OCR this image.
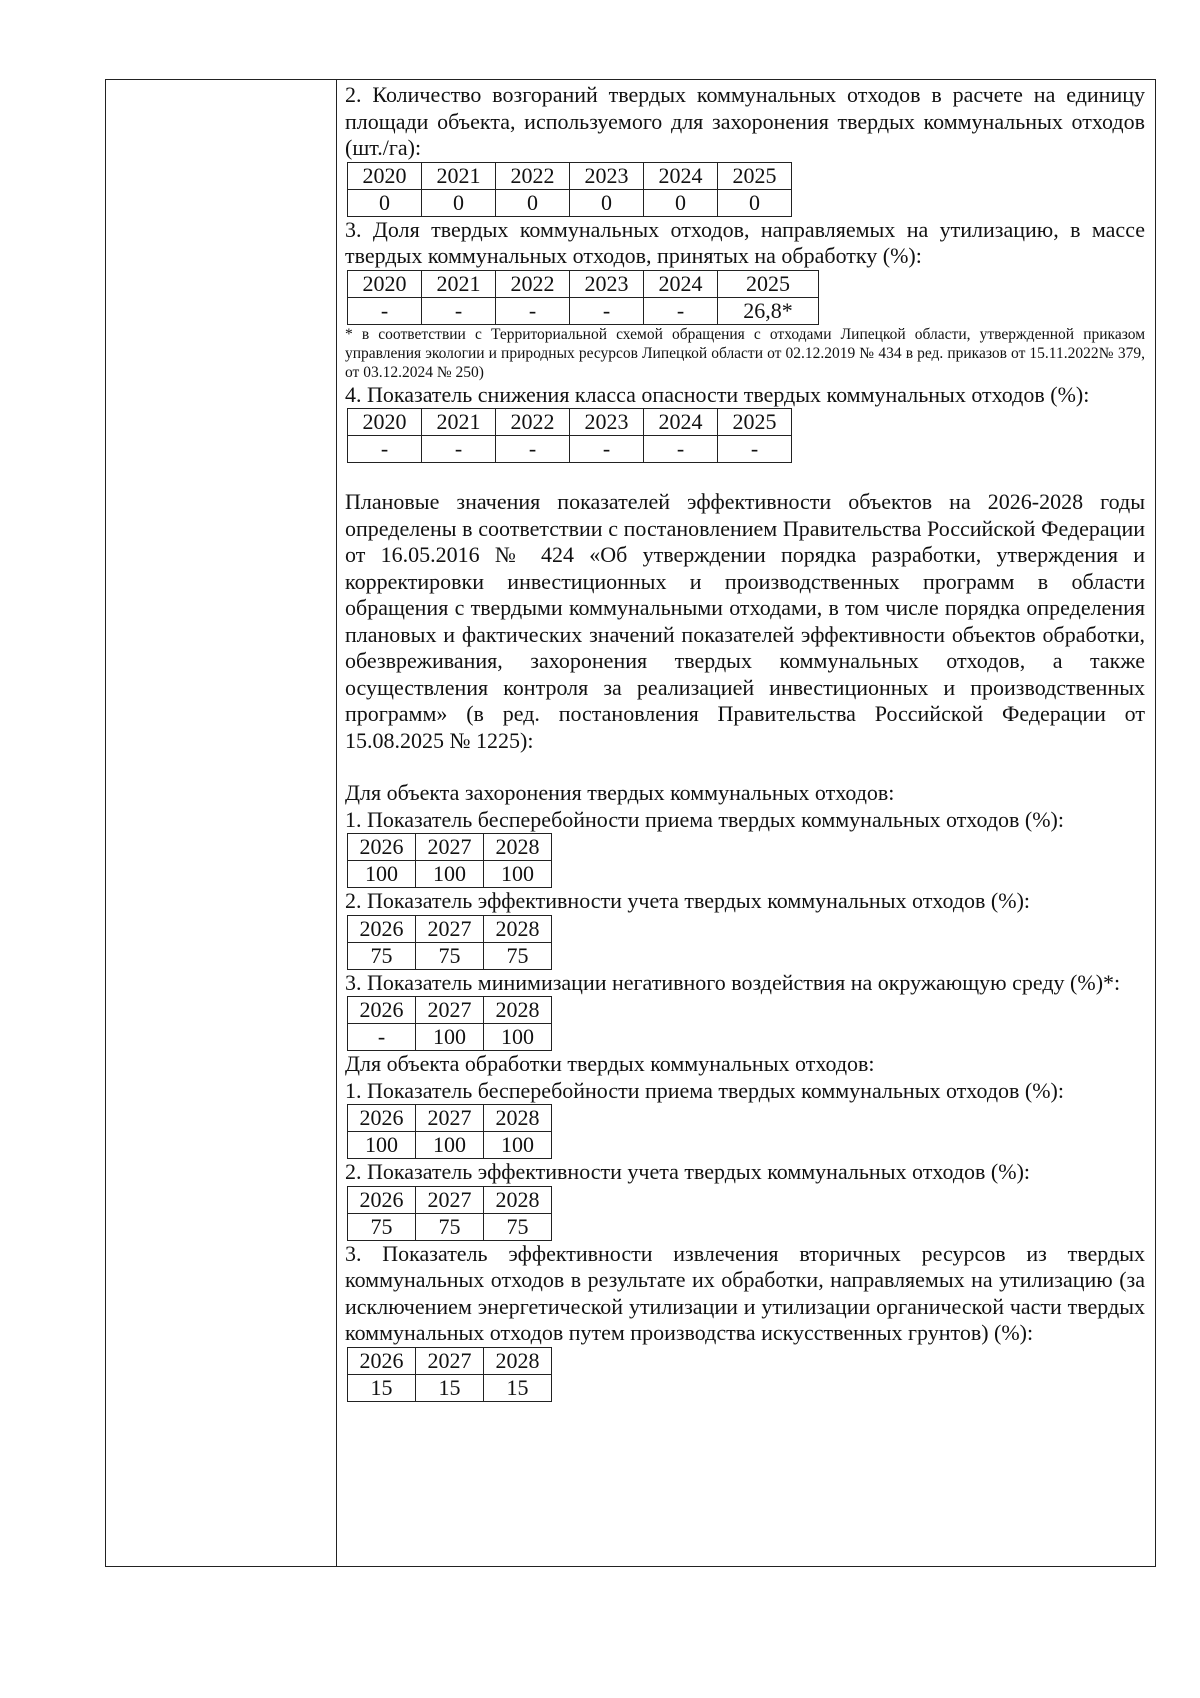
2. Количество возгораний твердых коммунальных отходов в расчете на единицу площади объекта, используемого для захоронения твердых коммунальных отходов (шт./га):

2020	2021	2022	2023	2024	2025
0	0	0	0	0	0

3. Доля твердых коммунальных отходов, направляемых на утилизацию, в массе твердых коммунальных отходов, принятых на обработку (%):

2020	2021	2022	2023	2024	2025
-	-	-	-	-	26,8*

* в соответствии с Территориальной схемой обращения с отходами Липецкой области, утвержденной приказом управления экологии и природных ресурсов Липецкой области от 02.12.2019 № 434 в ред. приказов от 15.11.2022№ 379, от 03.12.2024 № 250)

4. Показатель снижения класса опасности твердых коммунальных отходов (%):

2020	2021	2022	2023	2024	2025
-	-	-	-	-	-

Плановые значения показателей эффективности объектов на 2026-2028 годы определены в соответствии с постановлением Правительства Российской Федерации от 16.05.2016 № 424 «Об утверждении порядка разработки, утверждения и корректировки инвестиционных и производственных программ в области обращения с твердыми коммунальными отходами, в том числе порядка определения плановых и фактических значений показателей эффективности объектов обработки, обезвреживания, захоронения твердых коммунальных отходов, а также осуществления контроля за реализацией инвестиционных и производственных программ» (в ред. постановления Правительства Российской Федерации от 15.08.2025 № 1225):

Для объекта захоронения твердых коммунальных отходов:

1. Показатель бесперебойности приема твердых коммунальных отходов (%):

2026	2027	2028
100	100	100

2. Показатель эффективности учета твердых коммунальных отходов (%):

2026	2027	2028
75	75	75

3. Показатель минимизации негативного воздействия на окружающую среду (%)*:

2026	2027	2028
-	100	100

Для объекта обработки твердых коммунальных отходов:

1. Показатель бесперебойности приема твердых коммунальных отходов (%):

2026	2027	2028
100	100	100

2. Показатель эффективности учета твердых коммунальных отходов (%):

2026	2027	2028
75	75	75

3. Показатель эффективности извлечения вторичных ресурсов из твердых коммунальных отходов в результате их обработки, направляемых на утилизацию (за исключением энергетической утилизации и утилизации органической части твердых коммунальных отходов путем производства искусственных грунтов) (%):

2026	2027	2028
15	15	15
